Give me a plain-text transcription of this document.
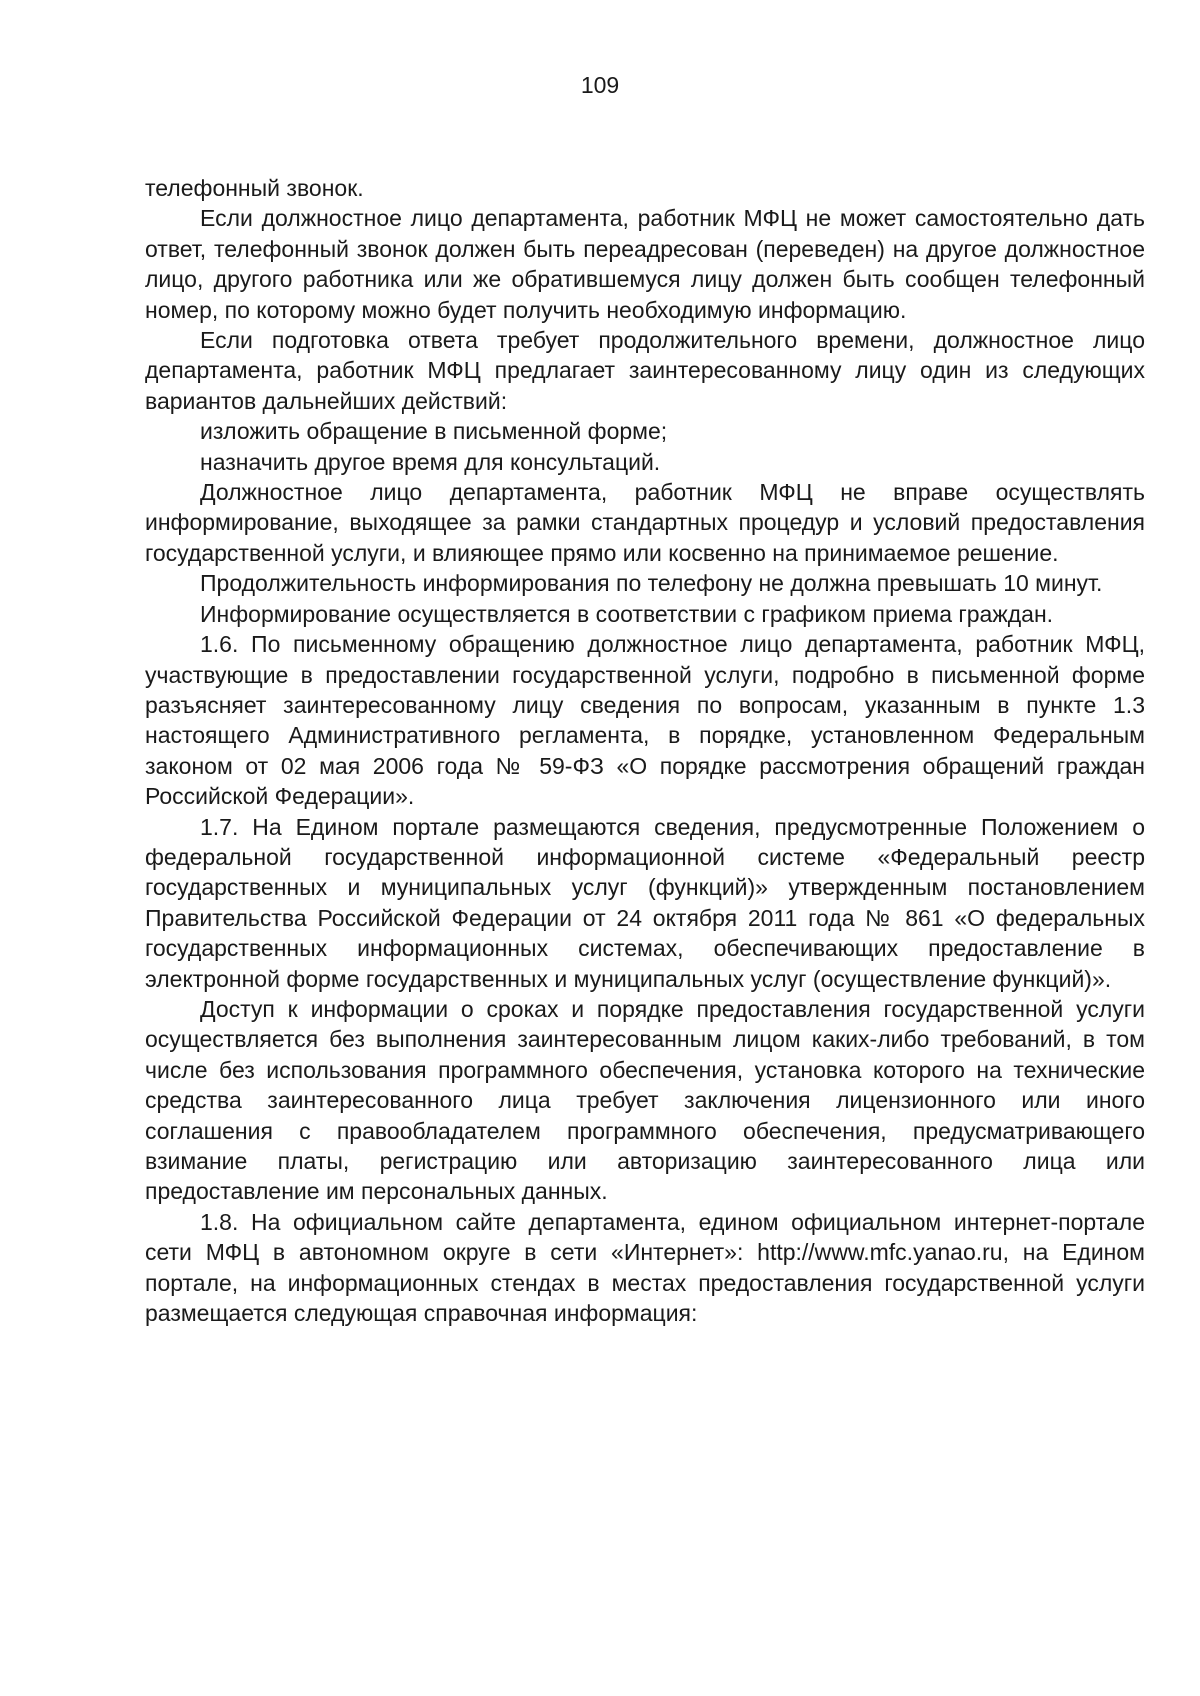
109

телефонный звонок.

Если должностное лицо департамента, работник МФЦ не может самостоятельно дать ответ, телефонный звонок должен быть переадресован (переведен) на другое должностное лицо, другого работника или же обратившемуся лицу должен быть сообщен телефонный номер, по которому можно будет получить необходимую информацию.

Если подготовка ответа требует продолжительного времени, должностное лицо департамента, работник МФЦ предлагает заинтересованному лицу один из следующих вариантов дальнейших действий:

изложить обращение в письменной форме;

назначить другое время для консультаций.

Должностное лицо департамента, работник МФЦ не вправе осуществлять информирование, выходящее за рамки стандартных процедур и условий предоставления государственной услуги, и влияющее прямо или косвенно на принимаемое решение.

Продолжительность информирования по телефону не должна превышать 10 минут.

Информирование осуществляется в соответствии с графиком приема граждан.

1.6. По письменному обращению должностное лицо департамента, работник МФЦ, участвующие в предоставлении государственной услуги, подробно в письменной форме разъясняет заинтересованному лицу сведения по вопросам, указанным в пункте 1.3 настоящего Административного регламента, в порядке, установленном Федеральным законом от 02 мая 2006 года № 59-ФЗ «О порядке рассмотрения обращений граждан Российской Федерации».

1.7. На Едином портале размещаются сведения, предусмотренные Положением о федеральной государственной информационной системе «Федеральный реестр государственных и муниципальных услуг (функций)» утвержденным постановлением Правительства Российской Федерации от 24 октября 2011 года № 861 «О федеральных государственных информационных системах, обеспечивающих предоставление в электронной форме государственных и муниципальных услуг (осуществление функций)».

Доступ к информации о сроках и порядке предоставления государственной услуги осуществляется без выполнения заинтересованным лицом каких-либо требований, в том числе без использования программного обеспечения, установка которого на технические средства заинтересованного лица требует заключения лицензионного или иного соглашения с правообладателем программного обеспечения, предусматривающего взимание платы, регистрацию или авторизацию заинтересованного лица или предоставление им персональных данных.

1.8. На официальном сайте департамента, едином официальном интернет-портале сети МФЦ в автономном округе в сети «Интернет»: http://www.mfc.yanao.ru, на Едином портале, на информационных стендах в местах предоставления государственной услуги размещается следующая справочная информация:
